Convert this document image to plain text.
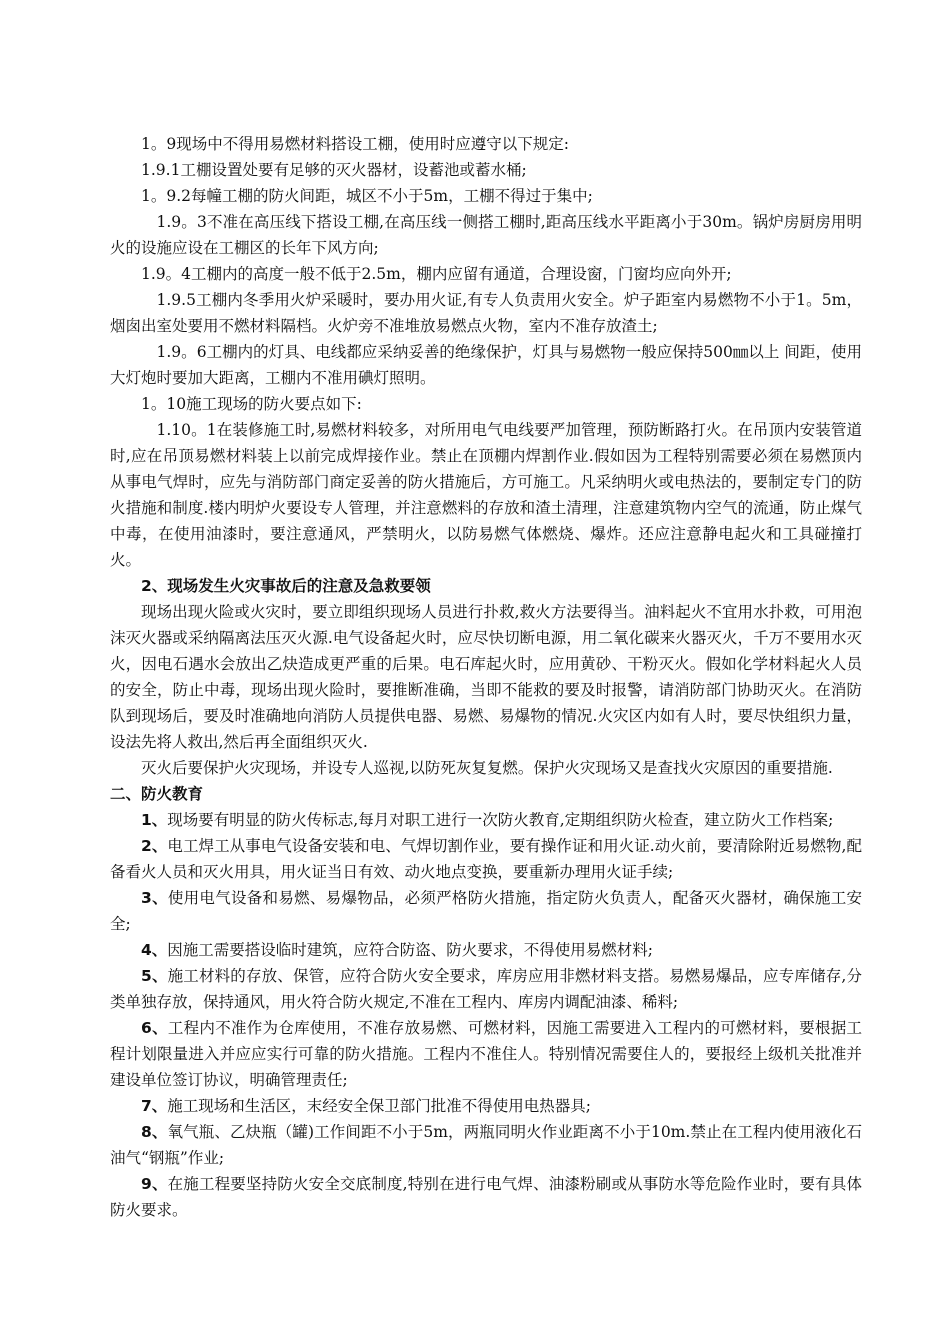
1。9现场中不得用易燃材料搭设工棚，使用时应遵守以下规定:

1.9.1工棚设置处要有足够的灭火器材，设蓄池或蓄水桶;

1。9.2每幢工棚的防火间距，城区不小于5m，工棚不得过于集中;

1.9。3不准在高压线下搭设工棚,在高压线一侧搭工棚时,距高压线水平距离小于30m。锅炉房厨房用明火的设施应设在工棚区的长年下风方向;

1.9。4工棚内的高度一般不低于2.5m，棚内应留有通道，合理设窗，门窗均应向外开;

1.9.5工棚内冬季用火炉采暖时，要办用火证,有专人负责用火安全。炉子距室内易燃物不小于1。5m，烟囱出室处要用不燃材料隔档。火炉旁不准堆放易燃点火物，室内不准存放渣土;

1.9。6工棚内的灯具、电线都应采纳妥善的绝缘保护，灯具与易燃物一般应保持500㎜以上 间距，使用大灯炮时要加大距离，工棚内不准用碘灯照明。

1。10施工现场的防火要点如下:

1.10。1在装修施工时,易燃材料较多，对所用电气电线要严加管理，预防断路打火。在吊顶内安装管道时,应在吊顶易燃材料装上以前完成焊接作业。禁止在顶棚内焊割作业.假如因为工程特别需要必须在易燃顶内从事电气焊时，应先与消防部门商定妥善的防火措施后，方可施工。凡采纳明火或电热法的，要制定专门的防火措施和制度.楼内明炉火要设专人管理，并注意燃料的存放和渣土清理，注意建筑物内空气的流通，防止煤气中毒，在使用油漆时，要注意通风，严禁明火，以防易燃气体燃烧、爆炸。还应注意静电起火和工具碰撞打火。

2、现场发生火灾事故后的注意及急救要领

现场出现火险或火灾时，要立即组织现场人员进行扑救,救火方法要得当。油料起火不宜用水扑救，可用泡沫灭火器或采纳隔离法压灭火源.电气设备起火时，应尽快切断电源，用二氧化碳来火器灭火，千万不要用水灭火，因电石遇水会放出乙炔造成更严重的后果。电石库起火时，应用黄砂、干粉灭火。假如化学材料起火人员的安全，防止中毒，现场出现火险时，要推断准确，当即不能救的要及时报警，请消防部门协助灭火。在消防队到现场后，要及时准确地向消防人员提供电器、易燃、易爆物的情况.火灾区内如有人时，要尽快组织力量，设法先将人救出,然后再全面组织灭火.

灭火后要保护火灾现场，并设专人巡视,以防死灰复复燃。保护火灾现场又是查找火灾原因的重要措施.

二、防火教育

1、现场要有明显的防火传标志,每月对职工进行一次防火教育,定期组织防火检查，建立防火工作档案;

2、电工焊工从事电气设备安装和电、气焊切割作业，要有操作证和用火证.动火前，要清除附近易燃物,配备看火人员和灭火用具，用火证当日有效、动火地点变换，要重新办理用火证手续;

3、使用电气设备和易燃、易爆物品，必须严格防火措施，指定防火负责人，配备灭火器材，确保施工安全;

4、因施工需要搭设临时建筑，应符合防盗、防火要求，不得使用易燃材料;

5、施工材料的存放、保管，应符合防火安全要求，库房应用非燃材料支搭。易燃易爆品，应专库储存,分类单独存放，保持通风，用火符合防火规定,不准在工程内、库房内调配油漆、稀料;

6、工程内不准作为仓库使用，不准存放易燃、可燃材料，因施工需要进入工程内的可燃材料，要根据工程计划限量进入并应应实行可靠的防火措施。工程内不准住人。特别情况需要住人的，要报经上级机关批准并建设单位签订协议，明确管理责任;

7、施工现场和生活区，末经安全保卫部门批准不得使用电热器具;

8、氧气瓶、乙炔瓶（罐)工作间距不小于5m，两瓶同明火作业距离不小于10m.禁止在工程内使用液化石油气“钢瓶”作业;

9、在施工程要坚持防火安全交底制度,特别在进行电气焊、油漆粉刷或从事防水等危险作业时，要有具体防火要求。
